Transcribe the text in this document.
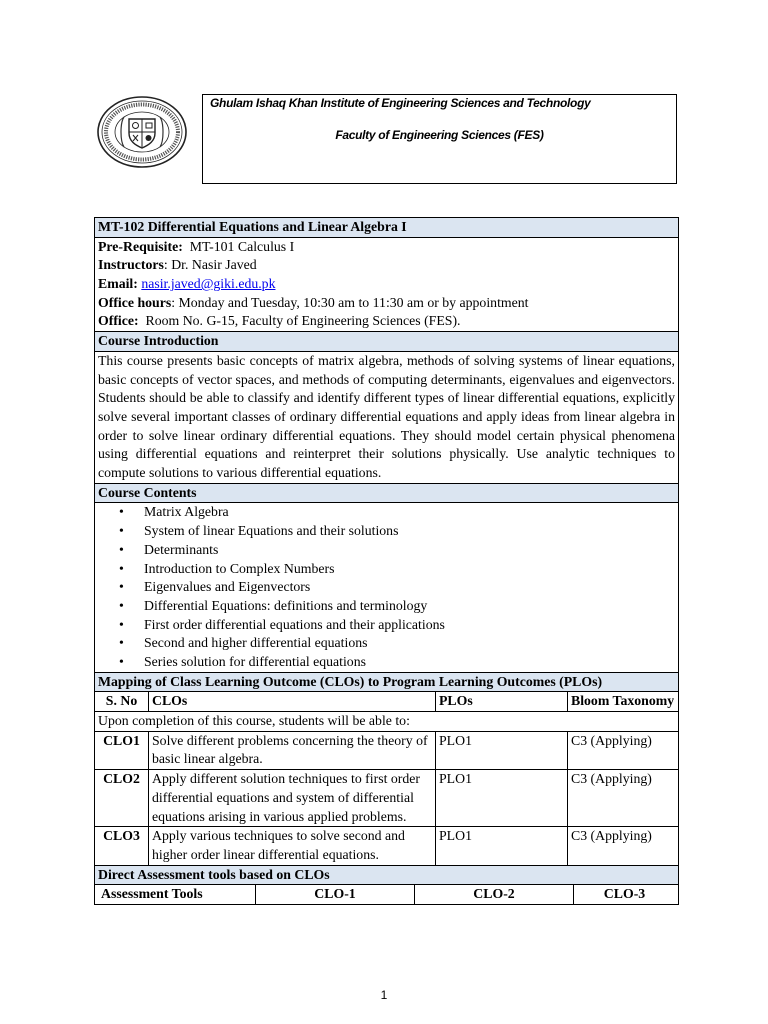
Ghulam Ishaq Khan Institute of Engineering Sciences and Technology
Faculty of Engineering Sciences (FES)
MT-102 Differential Equations and Linear Algebra I

Pre-Requisite: MT-101 Calculus I
Instructors: Dr. Nasir Javed
Email: nasir.javed@giki.edu.pk
Office hours: Monday and Tuesday, 10:30 am to 11:30 am or by appointment
Office: Room No. G-15, Faculty of Engineering Sciences (FES).

Course Introduction
This course presents basic concepts of matrix algebra, methods of solving systems of linear equations, basic concepts of vector spaces, and methods of computing determinants, eigenvalues and eigenvectors. Students should be able to classify and identify different types of linear differential equations, explicitly solve several important classes of ordinary differential equations and apply ideas from linear algebra in order to solve linear ordinary differential equations. They should model certain physical phenomena using differential equations and reinterpret their solutions physically. Use analytic techniques to compute solutions to various differential equations.
Course Contents

• Matrix Algebra
• System of linear Equations and their solutions
• Determinants
• Introduction to Complex Numbers
• Eigenvalues and Eigenvectors
• Differential Equations: definitions and terminology
• First order differential equations and their applications
• Second and higher differential equations
• Series solution for differential equations

Mapping of Class Learning Outcome (CLOs) to Program Learning Outcomes (PLOs)
S. No	CLOs	PLOs	Bloom Taxonomy
Upon completion of this course, students will be able to:
CLO1	Solve different problems concerning the theory of basic linear algebra.	PLO1	C3 (Applying)
CLO2	Apply different solution techniques to first order differential equations and system of differential equations arising in various applied problems.	PLO1	C3 (Applying)
CLO3	Apply various techniques to solve second and higher order linear differential equations.	PLO1	C3 (Applying)
Direct Assessment tools based on CLOs

Assessment Tools	CLO-1	CLO-2	CLO-3
1
